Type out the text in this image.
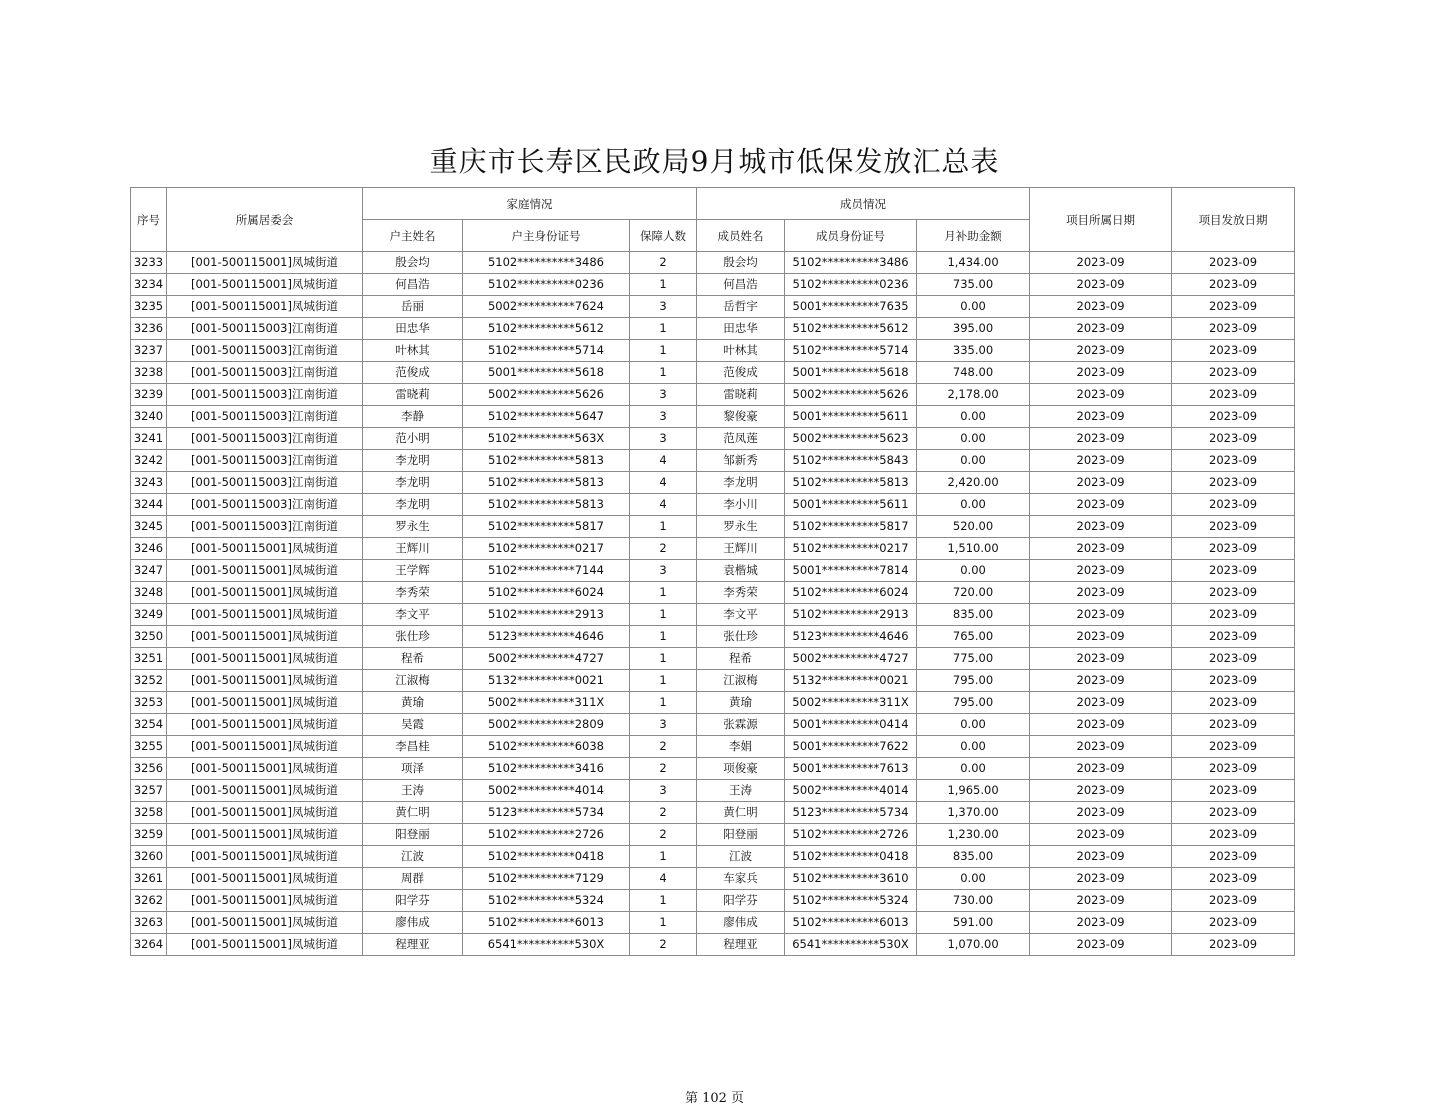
重庆市长寿区民政局9月城市低保发放汇总表
序号	所属居委会	家庭情况			成员情况			项目所属日期	项目发放日期
		户主姓名	户主身份证号	保障人数	成员姓名	成员身份证号	月补助金额		
3233	[001-500115001]凤城街道	殷会均	5102**********3486	2	殷会均	5102**********3486	1,434.00	2023-09	2023-09
3234	[001-500115001]凤城街道	何昌浩	5102**********0236	1	何昌浩	5102**********0236	735.00	2023-09	2023-09
3235	[001-500115001]凤城街道	岳丽	5002**********7624	3	岳哲宇	5001**********7635	0.00	2023-09	2023-09
3236	[001-500115003]江南街道	田忠华	5102**********5612	1	田忠华	5102**********5612	395.00	2023-09	2023-09
3237	[001-500115003]江南街道	叶林其	5102**********5714	1	叶林其	5102**********5714	335.00	2023-09	2023-09
3238	[001-500115003]江南街道	范俊成	5001**********5618	1	范俊成	5001**********5618	748.00	2023-09	2023-09
3239	[001-500115003]江南街道	雷晓莉	5002**********5626	3	雷晓莉	5002**********5626	2,178.00	2023-09	2023-09
3240	[001-500115003]江南街道	李静	5102**********5647	3	黎俊豪	5001**********5611	0.00	2023-09	2023-09
3241	[001-500115003]江南街道	范小明	5102**********563X	3	范凤莲	5002**********5623	0.00	2023-09	2023-09
3242	[001-500115003]江南街道	李龙明	5102**********5813	4	邹新秀	5102**********5843	0.00	2023-09	2023-09
3243	[001-500115003]江南街道	李龙明	5102**********5813	4	李龙明	5102**********5813	2,420.00	2023-09	2023-09
3244	[001-500115003]江南街道	李龙明	5102**********5813	4	李小川	5001**********5611	0.00	2023-09	2023-09
3245	[001-500115003]江南街道	罗永生	5102**********5817	1	罗永生	5102**********5817	520.00	2023-09	2023-09
3246	[001-500115001]凤城街道	王辉川	5102**********0217	2	王辉川	5102**********0217	1,510.00	2023-09	2023-09
3247	[001-500115001]凤城街道	王学辉	5102**********7144	3	袁楷城	5001**********7814	0.00	2023-09	2023-09
3248	[001-500115001]凤城街道	李秀荣	5102**********6024	1	李秀荣	5102**********6024	720.00	2023-09	2023-09
3249	[001-500115001]凤城街道	李文平	5102**********2913	1	李文平	5102**********2913	835.00	2023-09	2023-09
3250	[001-500115001]凤城街道	张仕珍	5123**********4646	1	张仕珍	5123**********4646	765.00	2023-09	2023-09
3251	[001-500115001]凤城街道	程希	5002**********4727	1	程希	5002**********4727	775.00	2023-09	2023-09
3252	[001-500115001]凤城街道	江淑梅	5132**********0021	1	江淑梅	5132**********0021	795.00	2023-09	2023-09
3253	[001-500115001]凤城街道	黄瑜	5002**********311X	1	黄瑜	5002**********311X	795.00	2023-09	2023-09
3254	[001-500115001]凤城街道	吴霞	5002**********2809	3	张霖源	5001**********0414	0.00	2023-09	2023-09
3255	[001-500115001]凤城街道	李昌桂	5102**********6038	2	李娟	5001**********7622	0.00	2023-09	2023-09
3256	[001-500115001]凤城街道	项泽	5102**********3416	2	项俊豪	5001**********7613	0.00	2023-09	2023-09
3257	[001-500115001]凤城街道	王涛	5002**********4014	3	王涛	5002**********4014	1,965.00	2023-09	2023-09
3258	[001-500115001]凤城街道	黄仁明	5123**********5734	2	黄仁明	5123**********5734	1,370.00	2023-09	2023-09
3259	[001-500115001]凤城街道	阳登丽	5102**********2726	2	阳登丽	5102**********2726	1,230.00	2023-09	2023-09
3260	[001-500115001]凤城街道	江波	5102**********0418	1	江波	5102**********0418	835.00	2023-09	2023-09
3261	[001-500115001]凤城街道	周群	5102**********7129	4	车家兵	5102**********3610	0.00	2023-09	2023-09
3262	[001-500115001]凤城街道	阳学芬	5102**********5324	1	阳学芬	5102**********5324	730.00	2023-09	2023-09
3263	[001-500115001]凤城街道	廖伟成	5102**********6013	1	廖伟成	5102**********6013	591.00	2023-09	2023-09
3264	[001-500115001]凤城街道	程理亚	6541**********530X	2	程理亚	6541**********530X	1,070.00	2023-09	2023-09
第 102 页
